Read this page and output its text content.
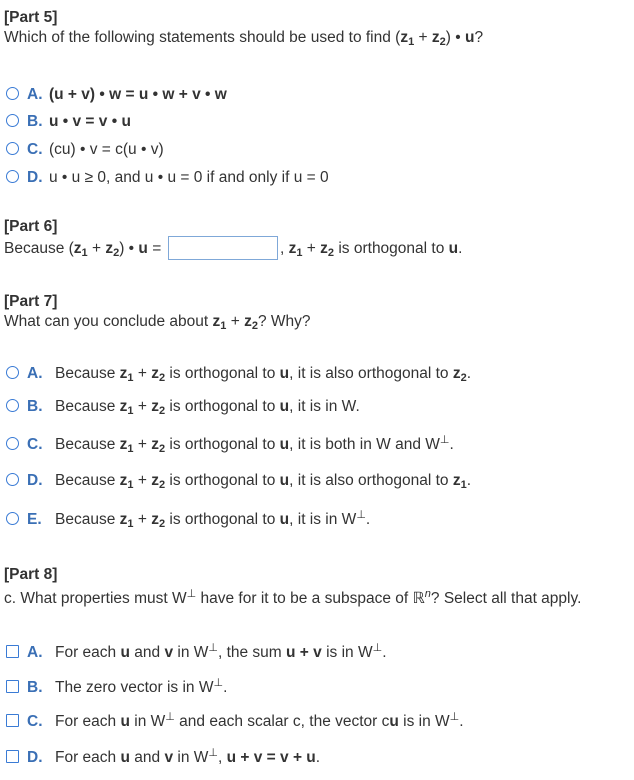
[Part 5]
Which of the following statements should be used to find $(z_1 + z_2)$ • u?
A. (u + v) • w = u • w + v • w
B. u • v = v • u
C. (cu) • v = c(u • v)
D. u • u ≥ 0, and u • u = 0 if and only if u = 0
[Part 6]
Because $(z_1 + z_2)$ • u =	, $z_1 + z_2$ is orthogonal to u.
[Part 7]
What can you conclude about $z_1 + z_2$? Why?
A. Because $z_1 + z_2$ is orthogonal to u, it is also orthogonal to $z_2$.
B. Because $z_1 + z_2$ is orthogonal to u, it is in W.
C. Because $z_1 + z_2$ is orthogonal to u, it is both in W and W⊥.
D. Because $z_1 + z_2$ is orthogonal to u, it is also orthogonal to $z_1$.
E. Because $z_1 + z_2$ is orthogonal to u, it is in W⊥.
[Part 8]
c. What properties must W⊥ have for it to be a subspace of ℝ$^n$? Select all that apply.
A. For each u and v in W⊥, the sum u + v is in W⊥.
B. The zero vector is in W⊥.
C. For each u in W⊥ and each scalar c, the vector cu is in W⊥.
D. For each u and v in W⊥, u + v = v + u.
